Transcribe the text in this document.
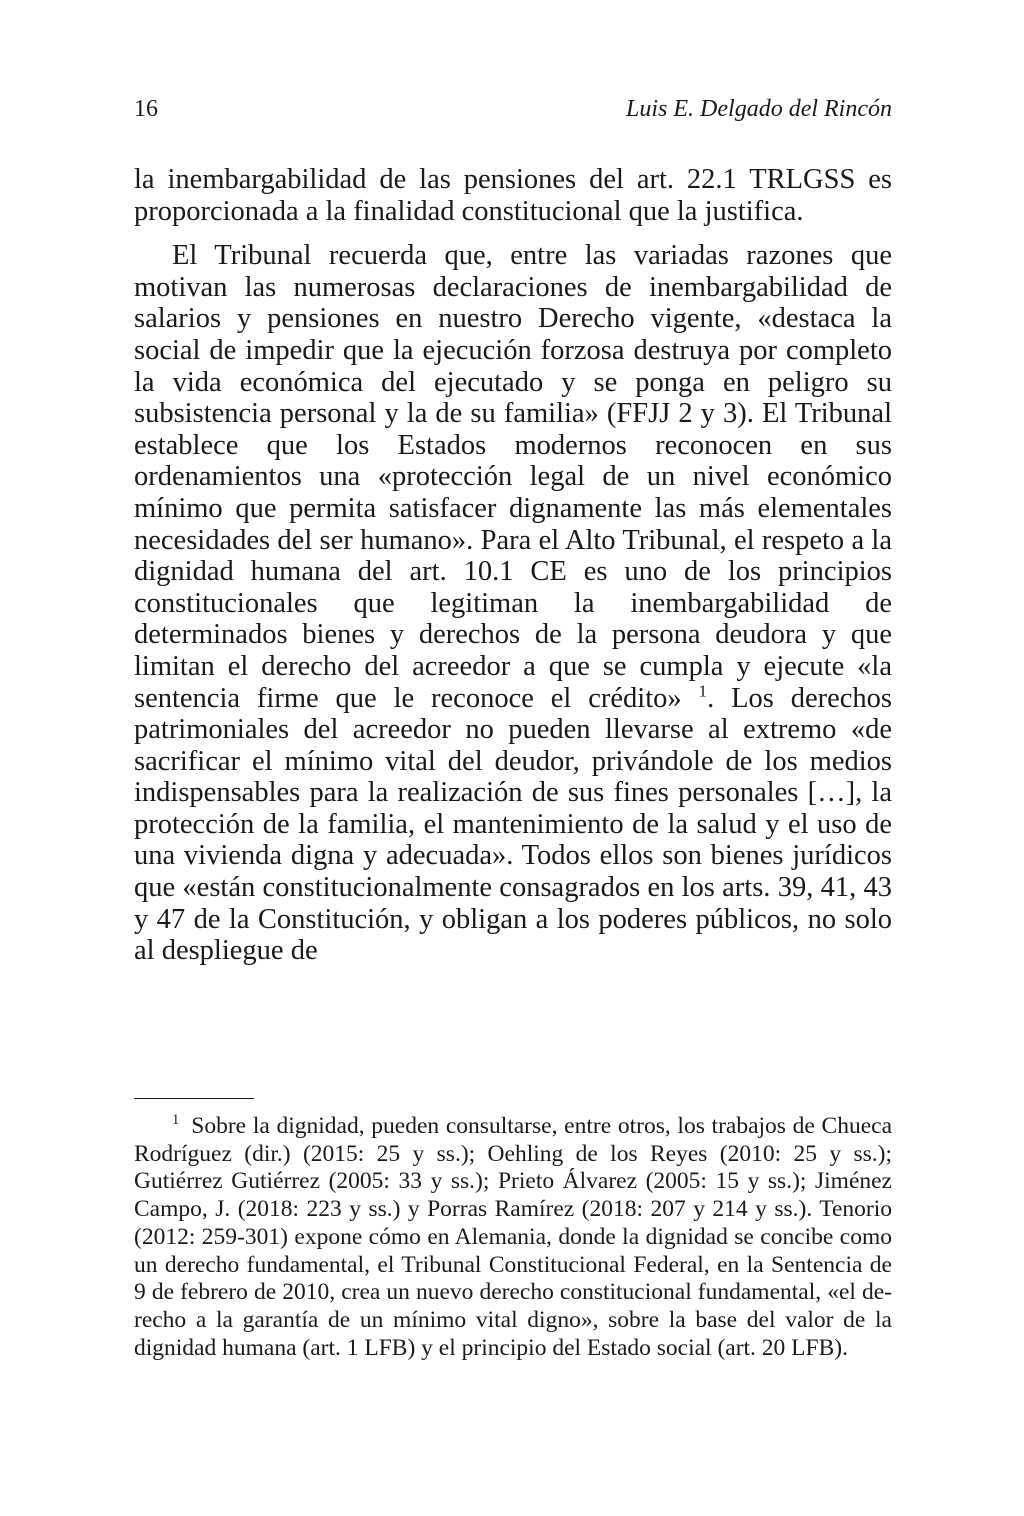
16	Luis E. Delgado del Rincón

la inembargabilidad de las pensiones del art. 22.1 TRLGSS es proporcionada a la finalidad constitucional que la justifica.

El Tribunal recuerda que, entre las variadas razones que motivan las numerosas declaraciones de inembargabilidad de salarios y pensiones en nuestro Derecho vigente, «destaca la social de impedir que la ejecución forzosa destruya por completo la vida económica del ejecutado y se ponga en peligro su subsistencia personal y la de su familia» (FFJJ 2 y 3). El Tribunal establece que los Estados modernos reconocen en sus ordenamientos una «protección legal de un nivel económico mínimo que permita satisfacer dignamente las más elementales necesidades del ser humano». Para el Alto Tribunal, el respeto a la dignidad humana del art. 10.1 CE es uno de los principios constitucionales que legitiman la inembargabilidad de determinados bienes y derechos de la persona deudora y que limitan el derecho del acreedor a que se cumpla y ejecute «la sentencia firme que le reconoce el crédito» $^1$. Los derechos patrimoniales del acreedor no pueden llevarse al extremo «de sacrificar el mínimo vital del deudor, privándole de los medios indispensables para la realización de sus fines personales […], la protección de la familia, el mantenimiento de la salud y el uso de una vivienda digna y adecuada». Todos ellos son bienes jurídicos que «están constitucionalmente consagrados en los arts. 39, 41, 43 y 47 de la Constitución, y obligan a los poderes públicos, no solo al despliegue de

$^1$ Sobre la dignidad, pueden consultarse, entre otros, los trabajos de Chueca Rodríguez (dir.) (2015: 25 y ss.); Oehling de los Reyes (2010: 25 y ss.); Gutiérrez Gutiérrez (2005: 33 y ss.); Prieto Álvarez (2005: 15 y ss.); Jiménez Campo, J. (2018: 223 y ss.) y Porras Ramírez (2018: 207 y 214 y ss.). Tenorio (2012: 259-301) expone cómo en Alemania, donde la dignidad se concibe como un derecho fundamental, el Tribunal Constitucional Federal, en la Sentencia de 9 de febrero de 2010, crea un nuevo derecho constitucional fundamental, «el derecho a la garantía de un mínimo vital digno», sobre la base del valor de la dignidad humana (art. 1 LFB) y el principio del Estado social (art. 20 LFB).
